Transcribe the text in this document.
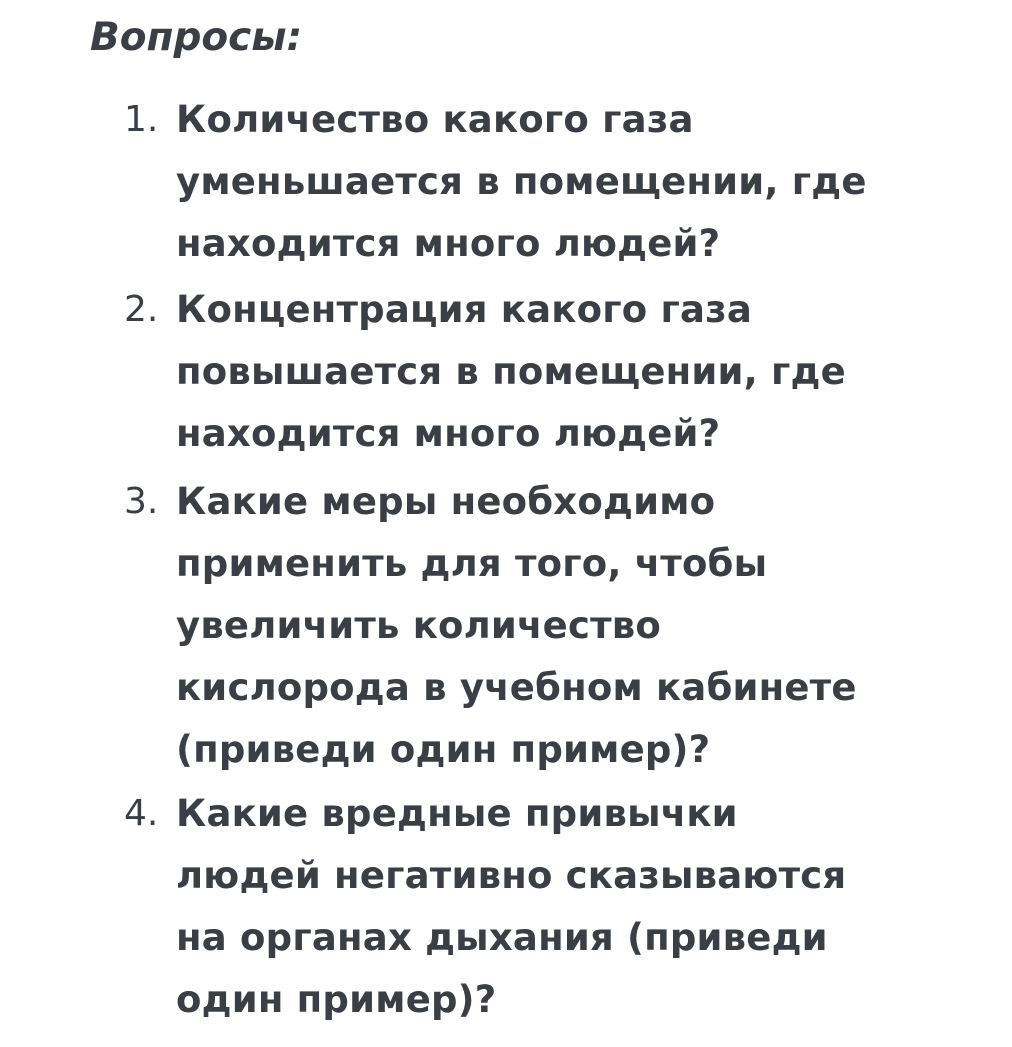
Вопросы:
1. Количество какого газа
уменьшается в помещении, где
находится много людей?
2. Концентрация какого газа
повышается в помещении, где
находится много людей?
3. Какие меры необходимо
применить для того, чтобы
увеличить количество
кислорода в учебном кабинете
(приведи один пример)?
4. Какие вредные привычки
людей негативно сказываются
на органах дыхания (приведи
один пример)?
